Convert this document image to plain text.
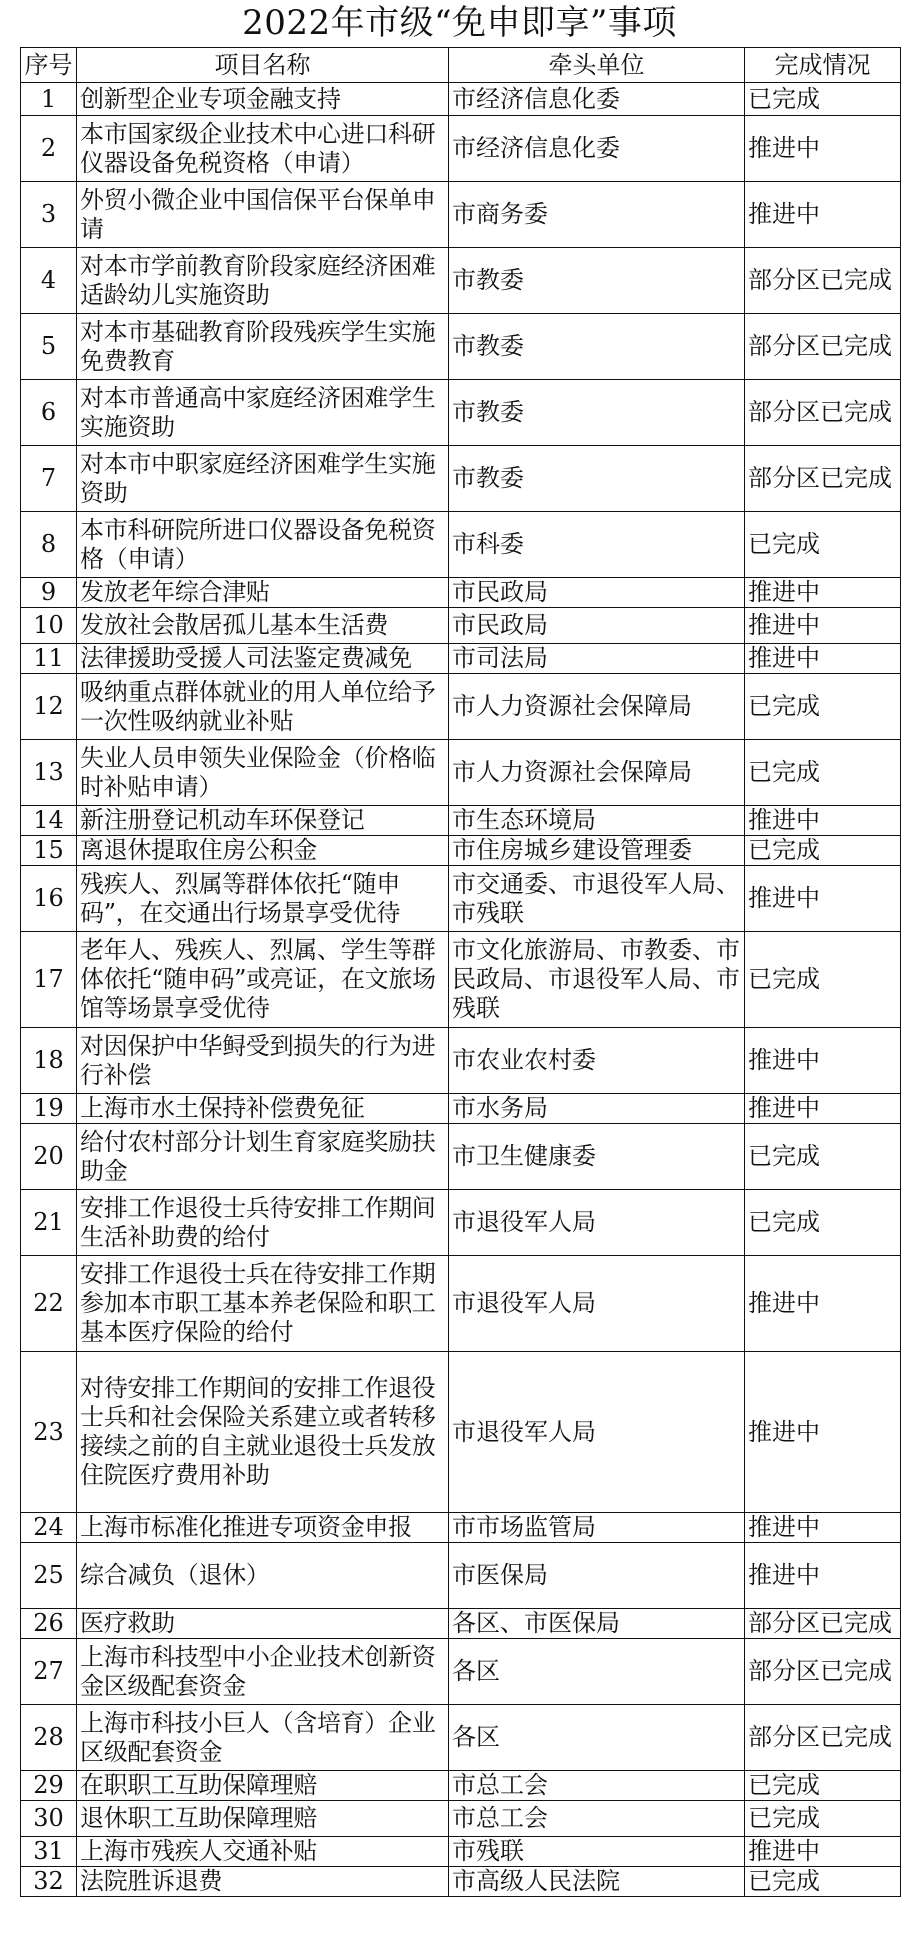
2022年市级“免申即享”事项
序号	项目名称	牵头单位	完成情况
1	创新型企业专项金融支持	市经济信息化委	已完成
2	本市国家级企业技术中心进口科研仪器设备免税资格（申请）	市经济信息化委	推进中
3	外贸小微企业中国信保平台保单申请	市商务委	推进中
4	对本市学前教育阶段家庭经济困难适龄幼儿实施资助	市教委	部分区已完成
5	对本市基础教育阶段残疾学生实施免费教育	市教委	部分区已完成
6	对本市普通高中家庭经济困难学生实施资助	市教委	部分区已完成
7	对本市中职家庭经济困难学生实施资助	市教委	部分区已完成
8	本市科研院所进口仪器设备免税资格（申请）	市科委	已完成
9	发放老年综合津贴	市民政局	推进中
10	发放社会散居孤儿基本生活费	市民政局	推进中
11	法律援助受援人司法鉴定费减免	市司法局	推进中
12	吸纳重点群体就业的用人单位给予一次性吸纳就业补贴	市人力资源社会保障局	已完成
13	失业人员申领失业保险金（价格临时补贴申请）	市人力资源社会保障局	已完成
14	新注册登记机动车环保登记	市生态环境局	推进中
15	离退休提取住房公积金	市住房城乡建设管理委	已完成
16	残疾人、烈属等群体依托“随申码”，在交通出行场景享受优待	市交通委、市退役军人局、市残联	推进中
17	老年人、残疾人、烈属、学生等群体依托“随申码”或亮证，在文旅场馆等场景享受优待	市文化旅游局、市教委、市民政局、市退役军人局、市残联	已完成
18	对因保护中华鲟受到损失的行为进行补偿	市农业农村委	推进中
19	上海市水土保持补偿费免征	市水务局	推进中
20	给付农村部分计划生育家庭奖励扶助金	市卫生健康委	已完成
21	安排工作退役士兵待安排工作期间生活补助费的给付	市退役军人局	已完成
22	安排工作退役士兵在待安排工作期参加本市职工基本养老保险和职工基本医疗保险的给付	市退役军人局	推进中
23	对待安排工作期间的安排工作退役士兵和社会保险关系建立或者转移接续之前的自主就业退役士兵发放住院医疗费用补助	市退役军人局	推进中
24	上海市标准化推进专项资金申报	市市场监管局	推进中
25	综合减负（退休）	市医保局	推进中
26	医疗救助	各区、市医保局	部分区已完成
27	上海市科技型中小企业技术创新资金区级配套资金	各区	部分区已完成
28	上海市科技小巨人（含培育）企业区级配套资金	各区	部分区已完成
29	在职职工互助保障理赔	市总工会	已完成
30	退休职工互助保障理赔	市总工会	已完成
31	上海市残疾人交通补贴	市残联	推进中
32	法院胜诉退费	市高级人民法院	已完成
